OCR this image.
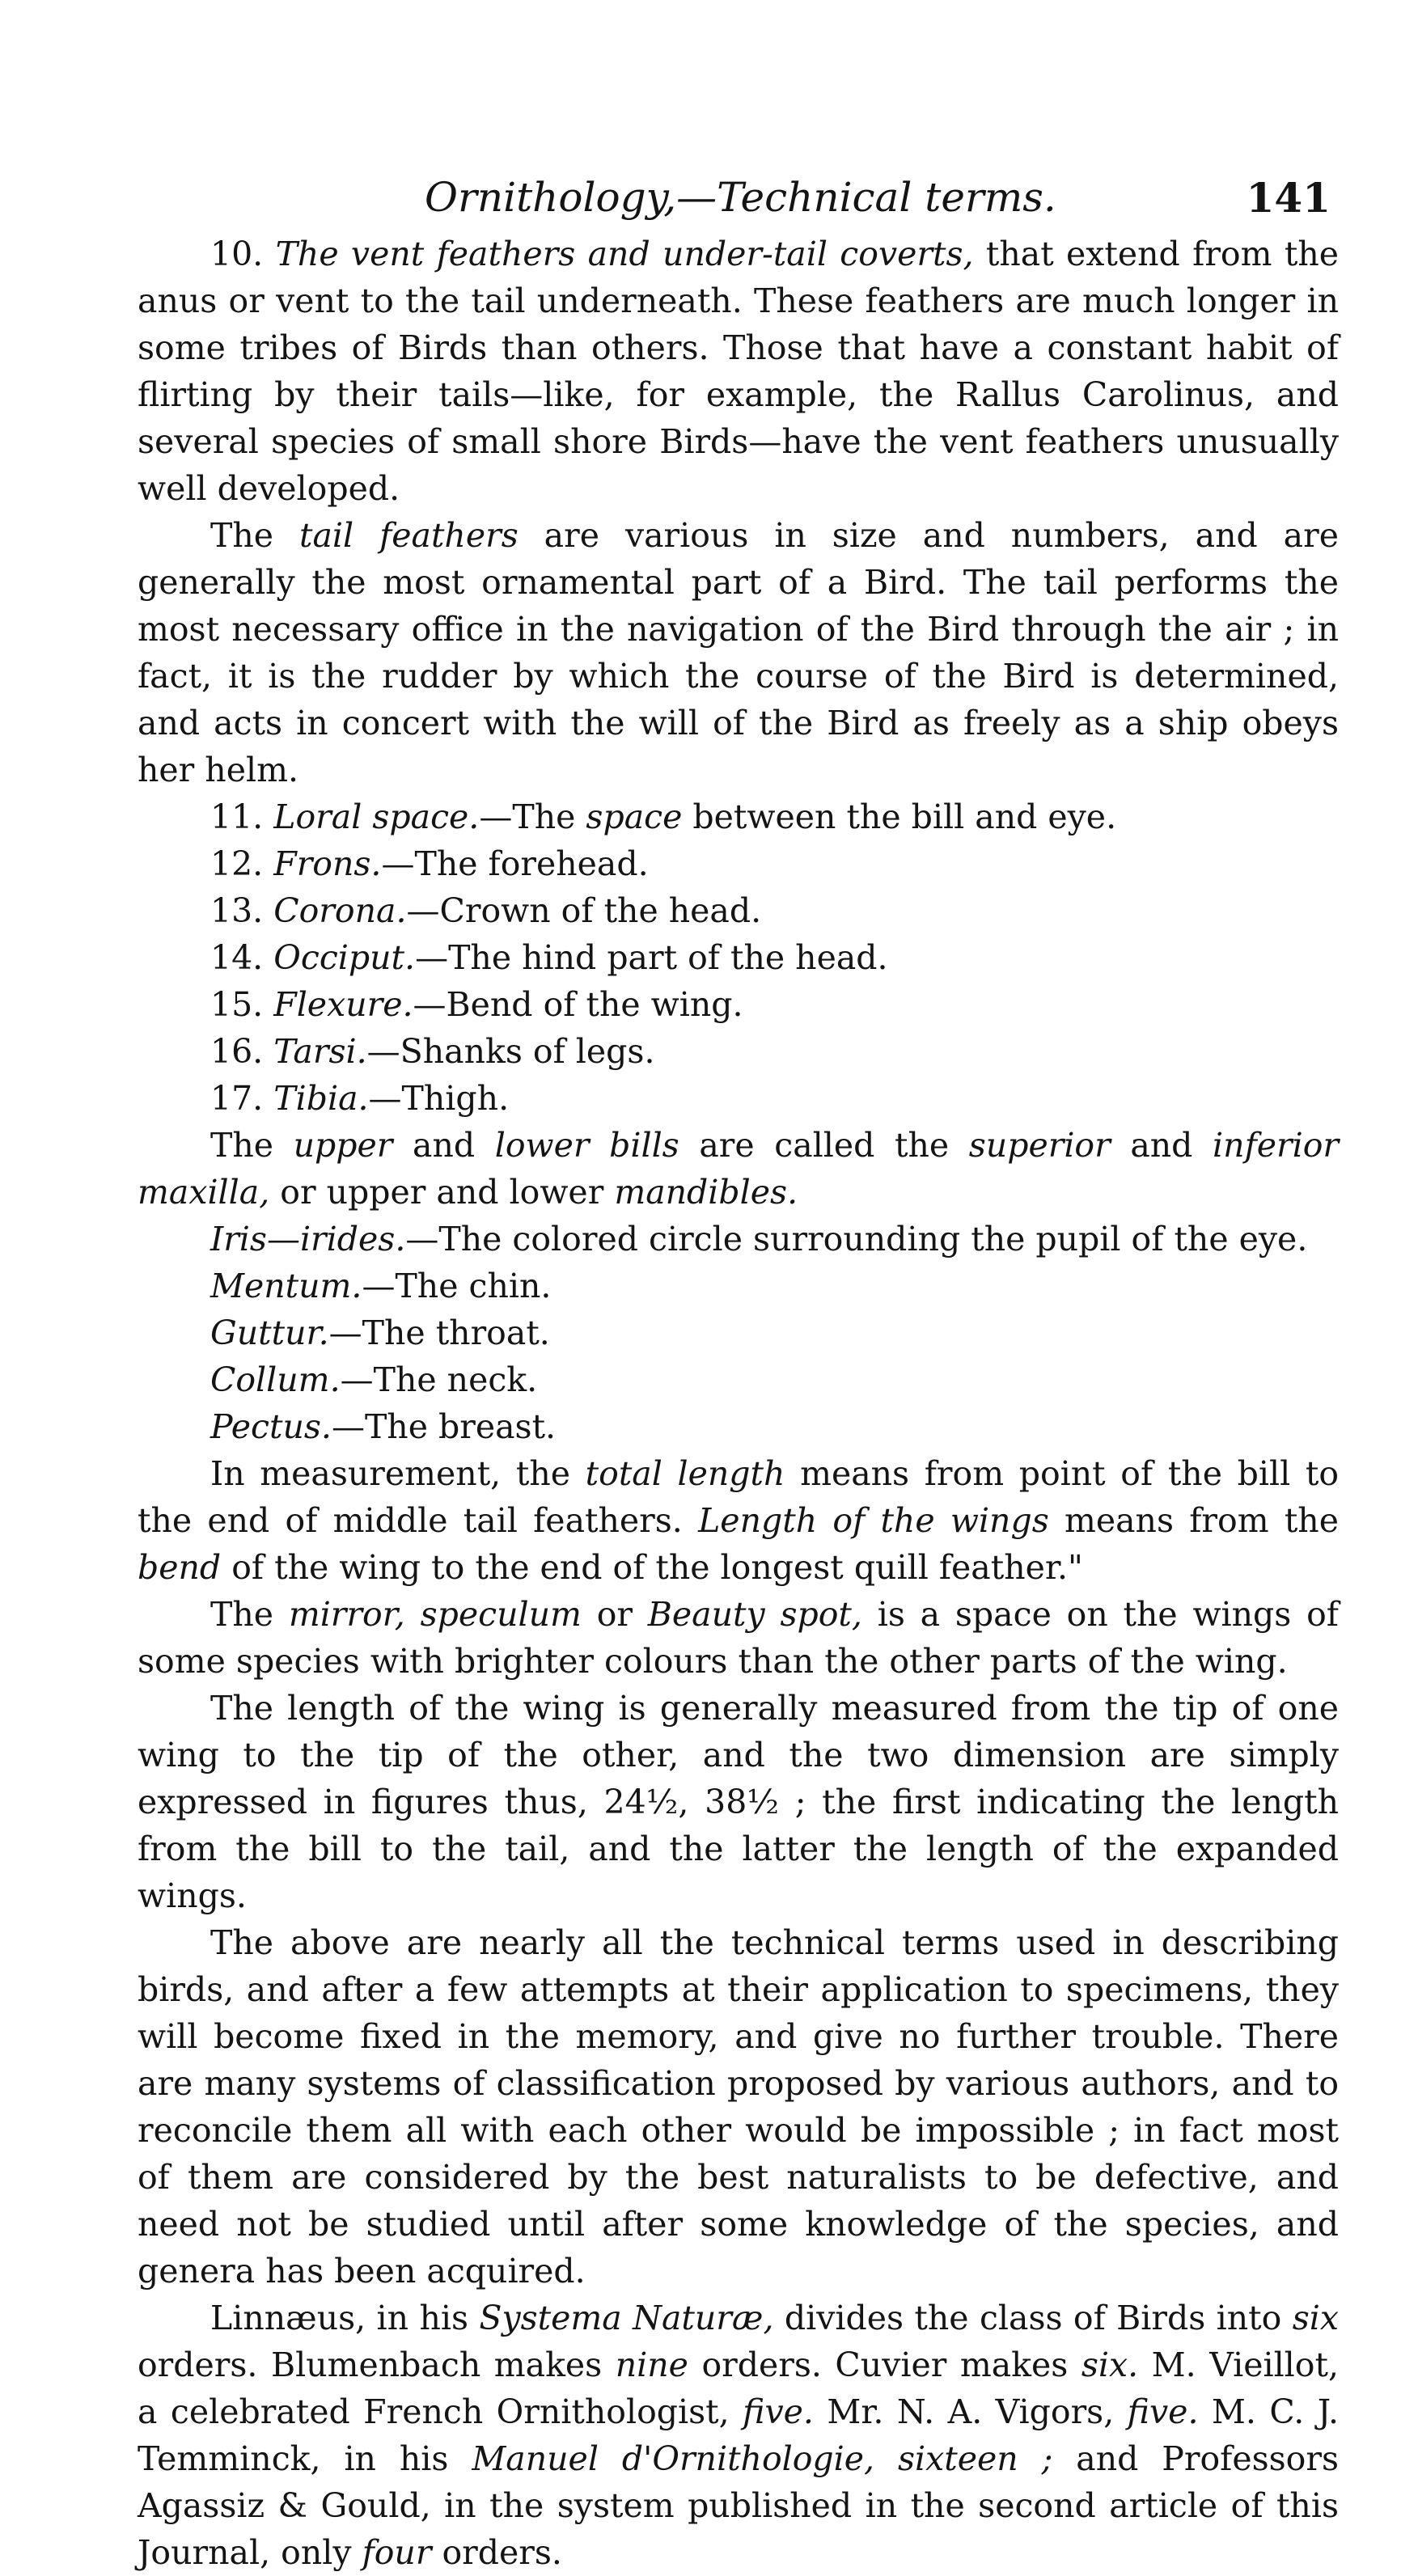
Ornithology,—Technical terms.	141

10. The vent feathers and under-tail coverts, that extend from the anus or vent to the tail underneath. These feathers are much longer in some tribes of Birds than others. Those that have a constant habit of flirting by their tails—like, for example, the Rallus Carolinus, and several species of small shore Birds—have the vent feathers unusually well developed.

The tail feathers are various in size and numbers, and are generally the most ornamental part of a Bird. The tail performs the most necessary office in the navigation of the Bird through the air ; in fact, it is the rudder by which the course of the Bird is determined, and acts in concert with the will of the Bird as freely as a ship obeys her helm.

11. Loral space.—The space between the bill and eye.

12. Frons.—The forehead.

13. Corona.—Crown of the head.

14. Occiput.—The hind part of the head.

15. Flexure.—Bend of the wing.

16. Tarsi.—Shanks of legs.

17. Tibia.—Thigh.

The upper and lower bills are called the superior and inferior maxilla, or upper and lower mandibles.

Iris—irides.—The colored circle surrounding the pupil of the eye.

Mentum.—The chin.

Guttur.—The throat.

Collum.—The neck.

Pectus.—The breast.

In measurement, the total length means from point of the bill to the end of middle tail feathers. Length of the wings means from the bend of the wing to the end of the longest quill feather."

The mirror, speculum or Beauty spot, is a space on the wings of some species with brighter colours than the other parts of the wing.

The length of the wing is generally measured from the tip of one wing to the tip of the other, and the two dimension are simply expressed in figures thus, 24½, 38½ ; the first indicating the length from the bill to the tail, and the latter the length of the expanded wings.

The above are nearly all the technical terms used in describing birds, and after a few attempts at their application to specimens, they will become fixed in the memory, and give no further trouble. There are many systems of classification proposed by various authors, and to reconcile them all with each other would be impossible ; in fact most of them are considered by the best naturalists to be defective, and need not be studied until after some knowledge of the species, and genera has been acquired.

Linnæus, in his Systema Naturæ, divides the class of Birds into six orders. Blumenbach makes nine orders. Cuvier makes six. M. Vieillot, a celebrated French Ornithologist, five. Mr. N. A. Vigors, five. M. C. J. Temminck, in his Manuel d'Ornithologie, sixteen ; and Professors Agassiz & Gould, in the system published in the second article of this Journal, only four orders.
